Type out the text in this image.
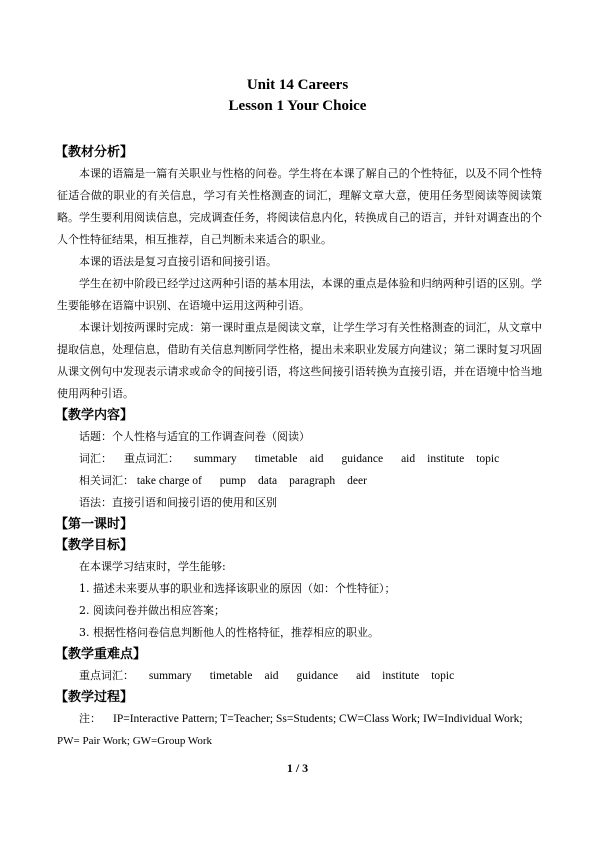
Unit 14 Careers
Lesson 1 Your Choice
【教材分析】
本课的语篇是一篇有关职业与性格的问卷。学生将在本课了解自己的个性特征，以及不同个性特征适合做的职业的有关信息，学习有关性格测查的词汇，理解文章大意，使用任务型阅读等阅读策略。学生要利用阅读信息，完成调查任务，将阅读信息内化，转换成自己的语言，并针对调查出的个人个性特征结果，相互推荐，自己判断未来适合的职业。
本课的语法是复习直接引语和间接引语。
学生在初中阶段已经学过这两种引语的基本用法，本课的重点是体验和归纳两种引语的区别。学生要能够在语篇中识别、在语境中运用这两种引语。
本课计划按两课时完成：第一课时重点是阅读文章，让学生学习有关性格测查的词汇，从文章中提取信息，处理信息，借助有关信息判断同学性格，提出未来职业发展方向建议；第二课时复习巩固从课文例句中发现表示请求或命令的间接引语，将这些间接引语转换为直接引语，并在语境中恰当地使用两种引语。
【教学内容】
话题：个人性格与适宜的工作调查问卷（阅读）
词汇： 重点词汇： summary timetable aid guidance aid institute topic
相关词汇： take charge of pump data paragraph deer
语法：直接引语和间接引语的使用和区别
【第一课时】
【教学目标】
在本课学习结束时，学生能够:
1. 描述未来要从事的职业和选择该职业的原因（如：个性特征）；
2. 阅读问卷并做出相应答案；
3. 根据性格问卷信息判断他人的性格特征，推荐相应的职业。
【教学重难点】
重点词汇： summary timetable aid guidance aid institute topic
【教学过程】
注： IP=Interactive Pattern; T=Teacher; Ss=Students; CW=Class Work; IW=Individual Work;
PW= Pair Work; GW=Group Work
1 / 3
